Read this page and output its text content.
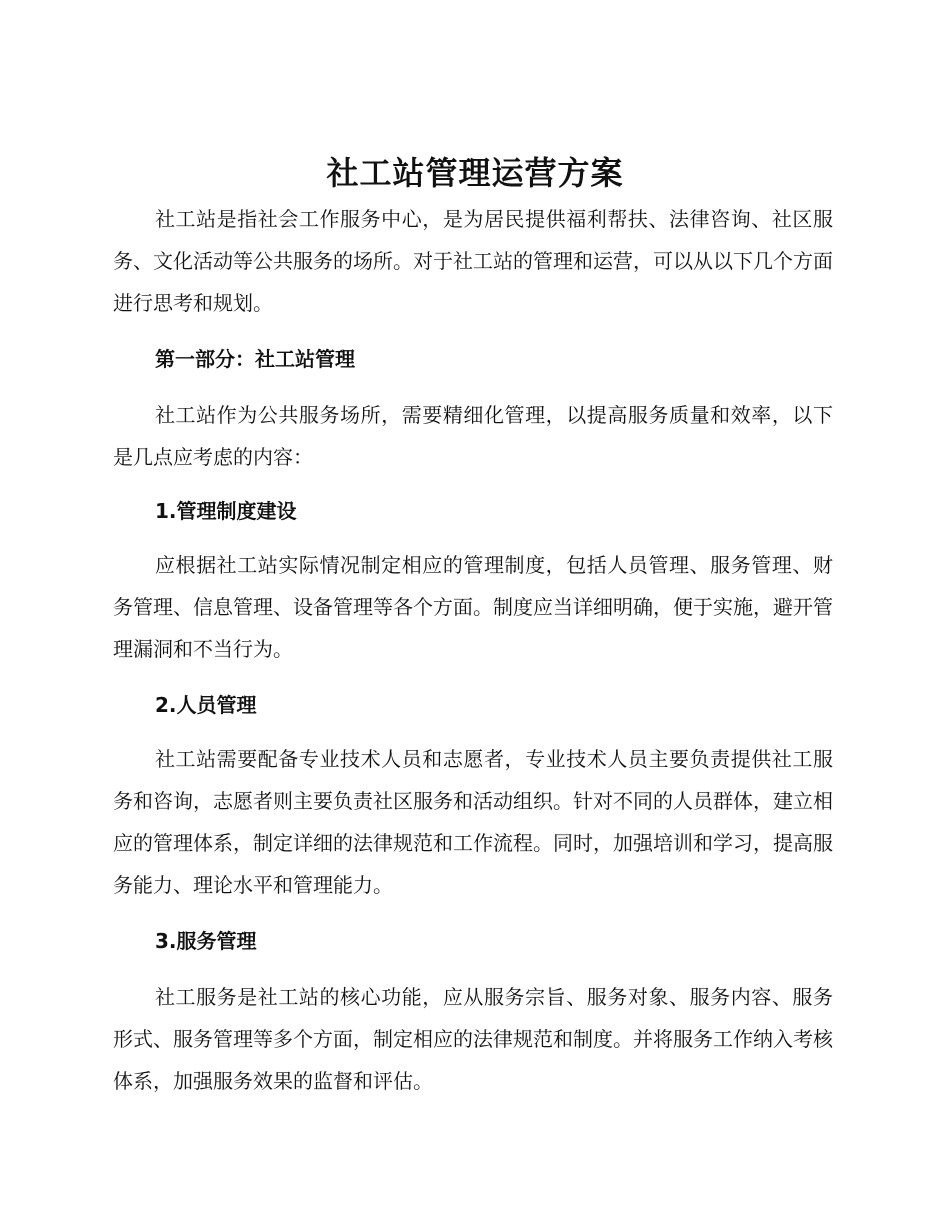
社工站管理运营方案

社工站是指社会工作服务中心，是为居民提供福利帮扶、法律咨询、社区服务、文化活动等公共服务的场所。对于社工站的管理和运营，可以从以下几个方面进行思考和规划。

第一部分：社工站管理

社工站作为公共服务场所，需要精细化管理，以提高服务质量和效率，以下是几点应考虑的内容：

1.管理制度建设

应根据社工站实际情况制定相应的管理制度，包括人员管理、服务管理、财务管理、信息管理、设备管理等各个方面。制度应当详细明确，便于实施，避开管理漏洞和不当行为。

2.人员管理

社工站需要配备专业技术人员和志愿者，专业技术人员主要负责提供社工服务和咨询，志愿者则主要负责社区服务和活动组织。针对不同的人员群体，建立相应的管理体系，制定详细的法律规范和工作流程。同时，加强培训和学习，提高服务能力、理论水平和管理能力。

3.服务管理

社工服务是社工站的核心功能，应从服务宗旨、服务对象、服务内容、服务形式、服务管理等多个方面，制定相应的法律规范和制度。并将服务工作纳入考核体系，加强服务效果的监督和评估。
